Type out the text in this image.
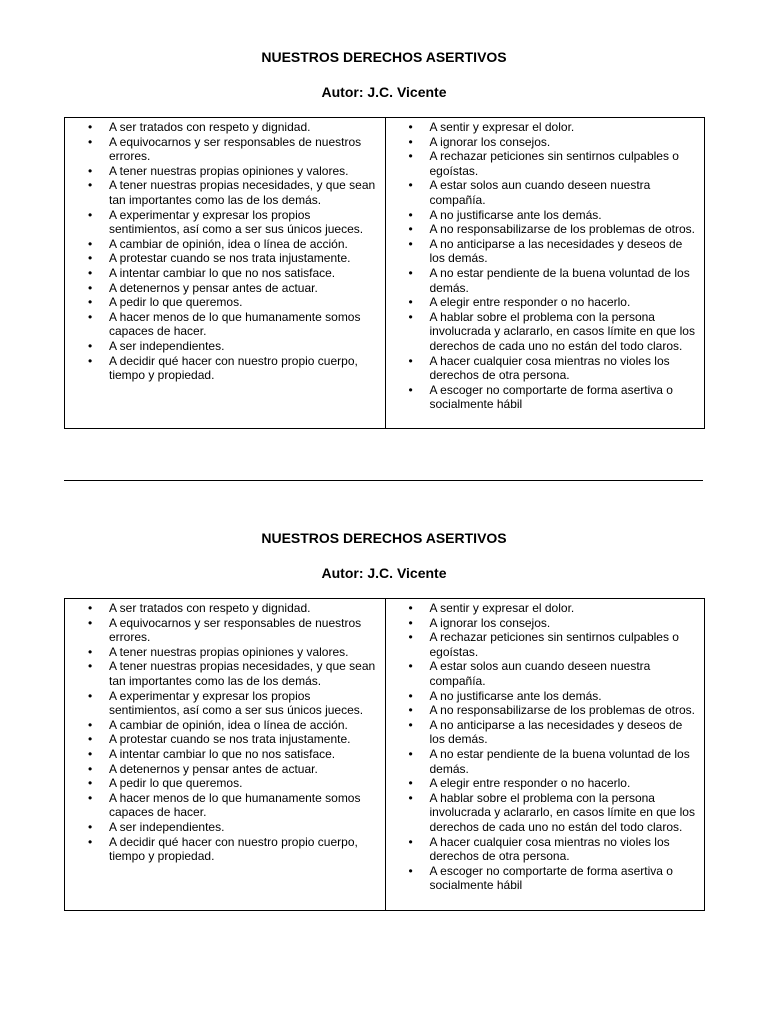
NUESTROS DERECHOS ASERTIVOS
Autor: J.C. Vicente
• A ser tratados con respeto y dignidad.
• A equivocarnos y ser responsables de nuestros errores.
• A tener nuestras propias opiniones y valores.
• A tener nuestras propias necesidades, y que sean tan importantes como las de los demás.
• A experimentar y expresar los propios sentimientos, así como a ser sus únicos jueces.
• A cambiar de opinión, idea o línea de acción.
• A protestar cuando se nos trata injustamente.
• A intentar cambiar lo que no nos satisface.
• A detenernos y pensar antes de actuar.
• A pedir lo que queremos.
• A hacer menos de lo que humanamente somos capaces de hacer.
• A ser independientes.
• A decidir qué hacer con nuestro propio cuerpo, tiempo y propiedad.
• A sentir y expresar el dolor.
• A ignorar los consejos.
• A rechazar peticiones sin sentirnos culpables o egoístas.
• A estar solos aun cuando deseen nuestra compañía.
• A no justificarse ante los demás.
• A no responsabilizarse de los problemas de otros.
• A no anticiparse a las necesidades y deseos de los demás.
• A no estar pendiente de la buena voluntad de los demás.
• A elegir entre responder o no hacerlo.
• A hablar sobre el problema con la persona involucrada y aclararlo, en casos límite en que los derechos de cada uno no están del todo claros.
• A hacer cualquier cosa mientras no violes los derechos de otra persona.
• A escoger no comportarte de forma asertiva o socialmente hábil
NUESTROS DERECHOS ASERTIVOS
Autor: J.C. Vicente
• A ser tratados con respeto y dignidad.
• A equivocarnos y ser responsables de nuestros errores.
• A tener nuestras propias opiniones y valores.
• A tener nuestras propias necesidades, y que sean tan importantes como las de los demás.
• A experimentar y expresar los propios sentimientos, así como a ser sus únicos jueces.
• A cambiar de opinión, idea o línea de acción.
• A protestar cuando se nos trata injustamente.
• A intentar cambiar lo que no nos satisface.
• A detenernos y pensar antes de actuar.
• A pedir lo que queremos.
• A hacer menos de lo que humanamente somos capaces de hacer.
• A ser independientes.
• A decidir qué hacer con nuestro propio cuerpo, tiempo y propiedad.
• A sentir y expresar el dolor.
• A ignorar los consejos.
• A rechazar peticiones sin sentirnos culpables o egoístas.
• A estar solos aun cuando deseen nuestra compañía.
• A no justificarse ante los demás.
• A no responsabilizarse de los problemas de otros.
• A no anticiparse a las necesidades y deseos de los demás.
• A no estar pendiente de la buena voluntad de los demás.
• A elegir entre responder o no hacerlo.
• A hablar sobre el problema con la persona involucrada y aclararlo, en casos límite en que los derechos de cada uno no están del todo claros.
• A hacer cualquier cosa mientras no violes los derechos de otra persona.
• A escoger no comportarte de forma asertiva o socialmente hábil
